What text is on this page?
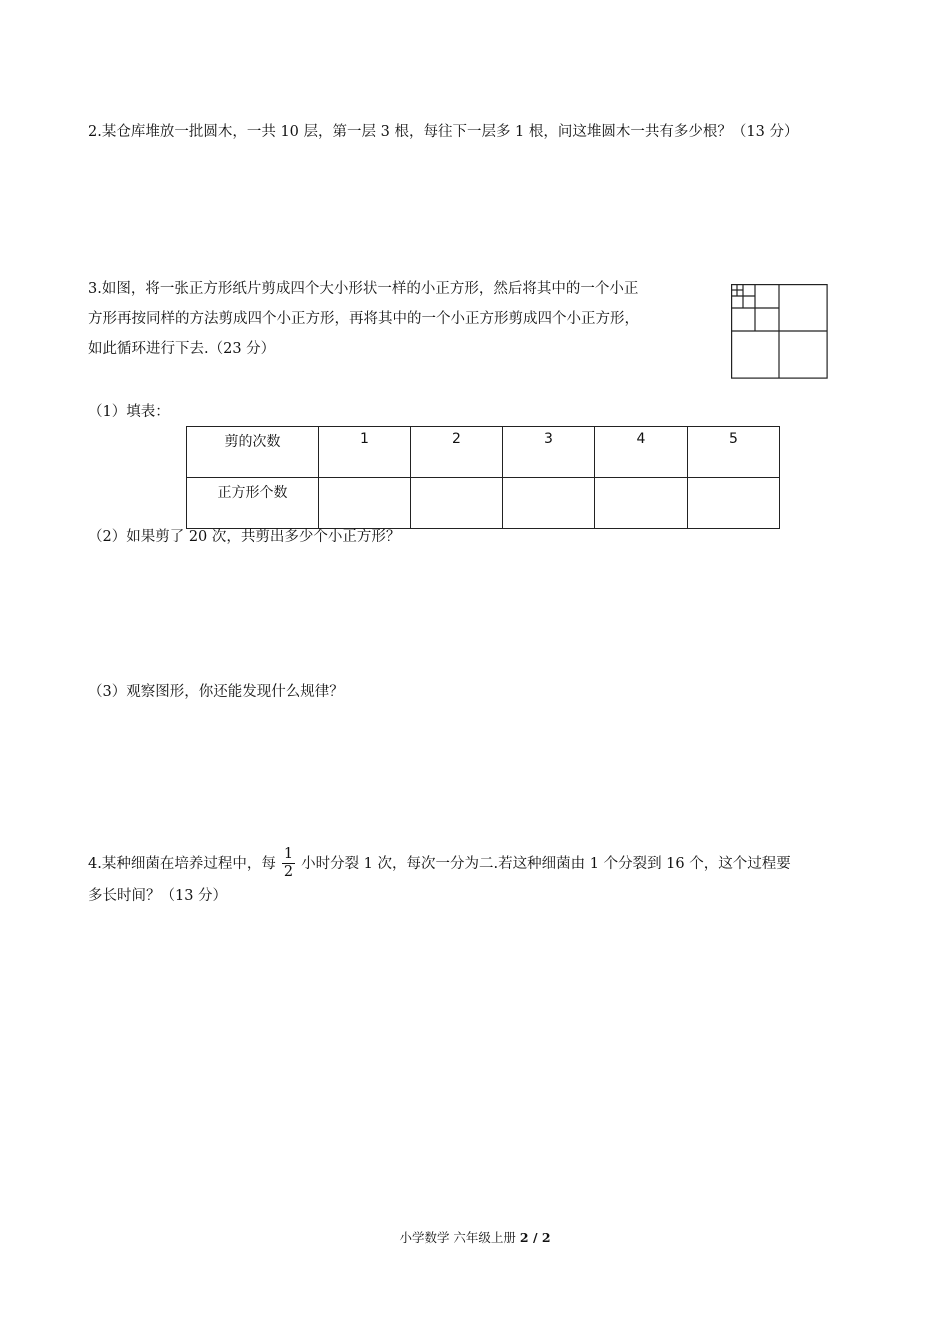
2.某仓库堆放一批圆木，一共 10 层，第一层 3 根，每往下一层多 1 根，问这堆圆木一共有多少根？（13 分）
3.如图，将一张正方形纸片剪成四个大小形状一样的小正方形，然后将其中的一个小正
方形再按同样的方法剪成四个小正方形，再将其中的一个小正方形剪成四个小正方形，
如此循环进行下去.（23 分）
（1）填表：
剪的次数	1	2	3	4	5
正方形个数					
（2）如果剪了 20 次，共剪出多少个小正方形？
（3）观察图形，你还能发现什么规律？
4.某种细菌在培养过程中，每 $\frac{1}{2}$ 小时分裂 1 次，每次一分为二.若这种细菌由 1 个分裂到 16 个，这个过程要
多长时间？（13 分）
小学数学 六年级上册 2 / 2
